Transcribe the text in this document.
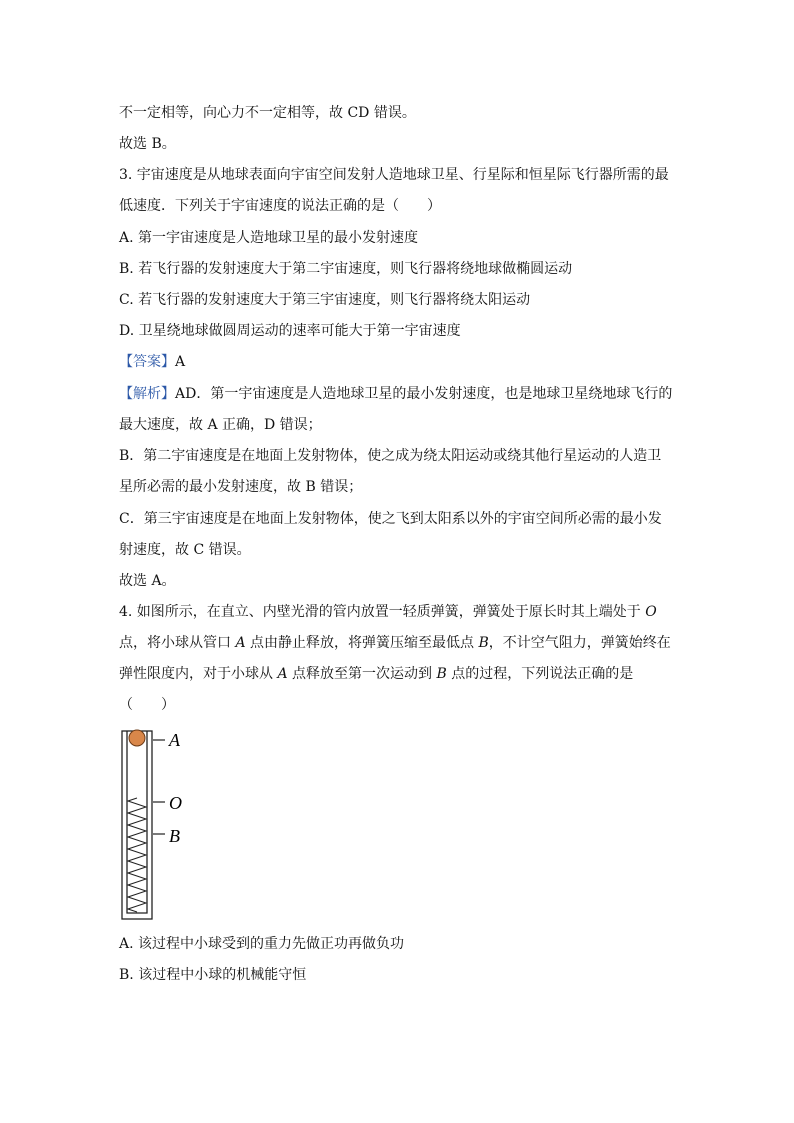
不一定相等，向心力不一定相等，故 CD 错误。
故选 B。
3. 宇宙速度是从地球表面向宇宙空间发射人造地球卫星、行星际和恒星际飞行器所需的最
低速度．下列关于宇宙速度的说法正确的是（　　）
A. 第一宇宙速度是人造地球卫星的最小发射速度
B. 若飞行器的发射速度大于第二宇宙速度，则飞行器将绕地球做椭圆运动
C. 若飞行器的发射速度大于第三宇宙速度，则飞行器将绕太阳运动
D. 卫星绕地球做圆周运动的速率可能大于第一宇宙速度
【答案】A
【解析】AD．第一宇宙速度是人造地球卫星的最小发射速度，也是地球卫星绕地球飞行的
最大速度，故 A 正确，D 错误；
B．第二宇宙速度是在地面上发射物体，使之成为绕太阳运动或绕其他行星运动的人造卫
星所必需的最小发射速度，故 B 错误；
C．第三宇宙速度是在地面上发射物体，使之飞到太阳系以外的宇宙空间所必需的最小发
射速度，故 C 错误。
故选 A。
4. 如图所示，在直立、内壁光滑的管内放置一轻质弹簧，弹簧处于原长时其上端处于 O
点，将小球从管口 A 点由静止释放，将弹簧压缩至最低点 B，不计空气阻力，弹簧始终在
弹性限度内，对于小球从 A 点释放至第一次运动到 B 点的过程，下列说法正确的是
（　　）
A
O
B
A. 该过程中小球受到的重力先做正功再做负功
B. 该过程中小球的机械能守恒
